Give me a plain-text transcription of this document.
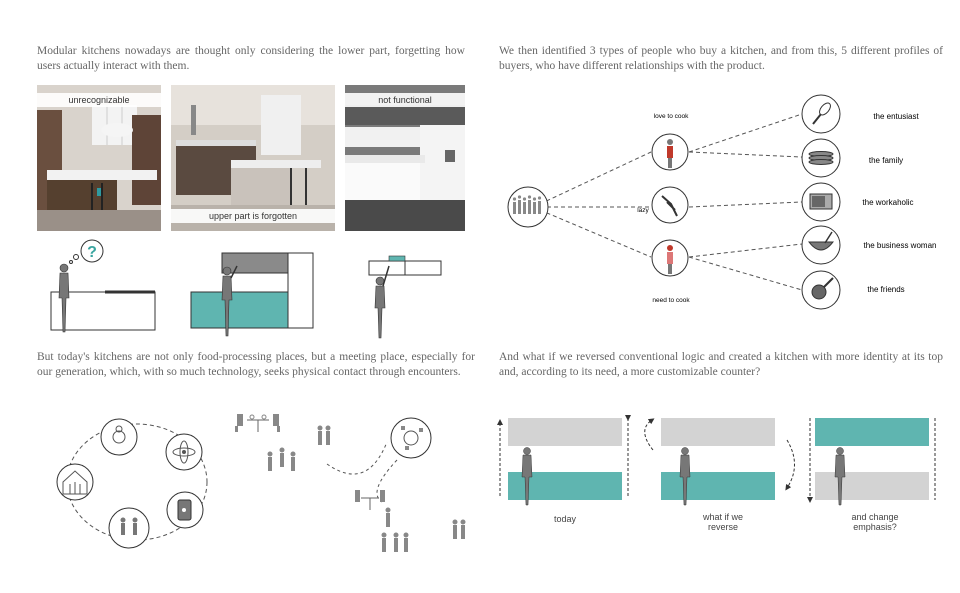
Modular kitchens nowadays are thought only considering the lower part, forgetting how users actually interact with them.
unrecognizable
upper part is forgotten
not functional
?
But today's kitchens are not only food-processing places, but a meeting place, especially for our generation, which, with so much technology, seeks physical contact through encounters.
We then identified 3 types of people who buy a kitchen, and from this, 5 different profiles of buyers, who have different relationships with the product.
love to cook
lazy
need to cook
the entusiast
the family
the workaholic
the business woman
the friends
And what if we reversed conventional logic and created a kitchen with more identity at its top and, according to its need, a more customizable counter?
today	what if we
reverse
and change
emphasis?
